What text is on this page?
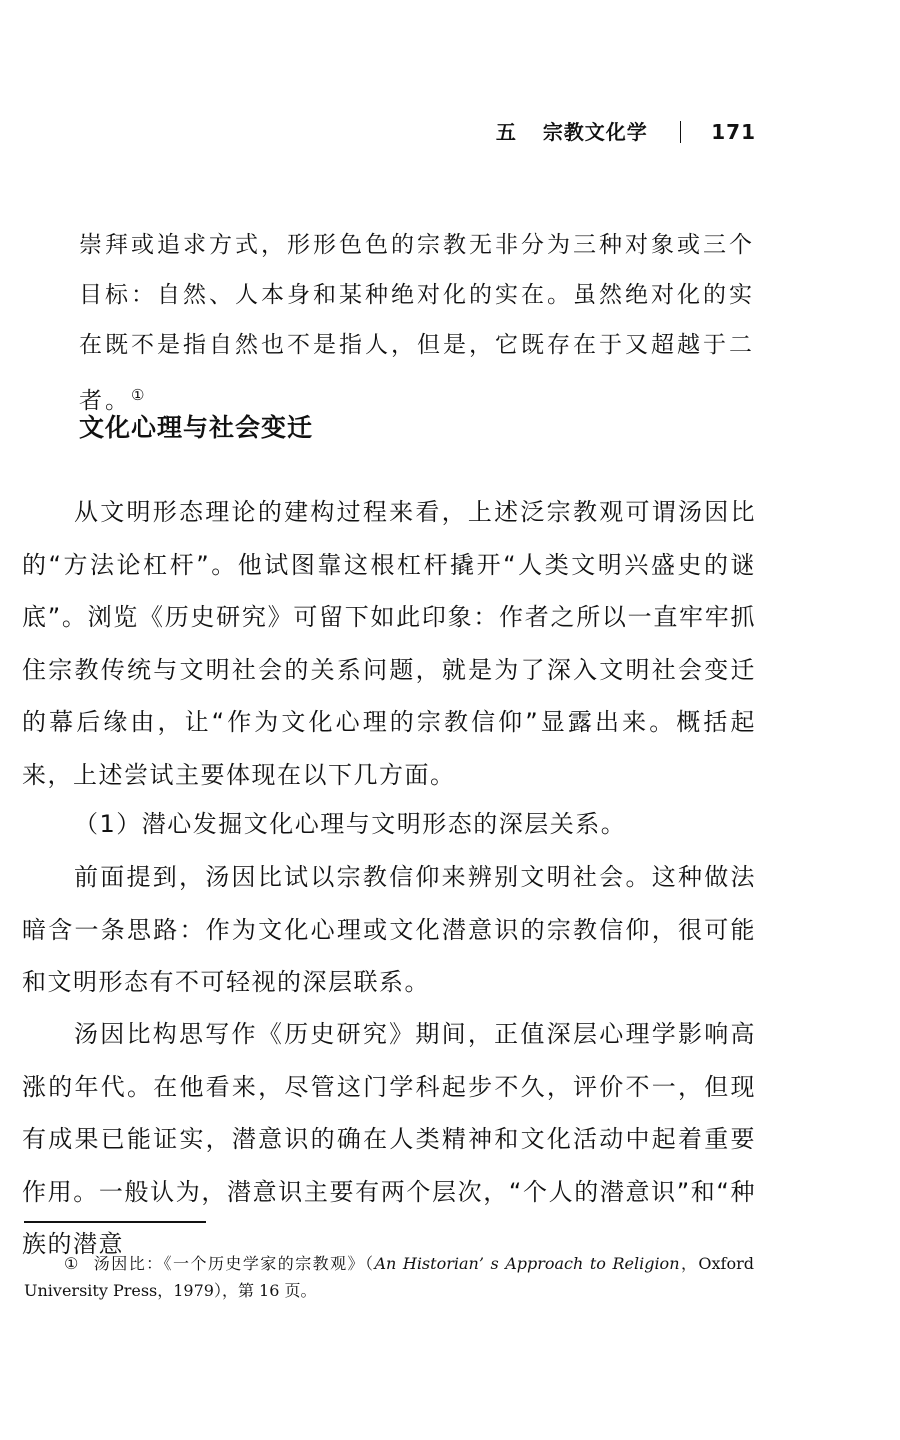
五 宗教文化学	171

崇拜或追求方式，形形色色的宗教无非分为三种对象或三个目标：自然、人本身和某种绝对化的实在。虽然绝对化的实在既不是指自然也不是指人，但是，它既存在于又超越于二者。①

文化心理与社会变迁

从文明形态理论的建构过程来看，上述泛宗教观可谓汤因比的“方法论杠杆”。他试图靠这根杠杆撬开“人类文明兴盛史的谜底”。浏览《历史研究》可留下如此印象：作者之所以一直牢牢抓住宗教传统与文明社会的关系问题，就是为了深入文明社会变迁的幕后缘由，让“作为文化心理的宗教信仰”显露出来。概括起来，上述尝试主要体现在以下几方面。

（1）潜心发掘文化心理与文明形态的深层关系。

前面提到，汤因比试以宗教信仰来辨别文明社会。这种做法暗含一条思路：作为文化心理或文化潜意识的宗教信仰，很可能和文明形态有不可轻视的深层联系。

汤因比构思写作《历史研究》期间，正值深层心理学影响高涨的年代。在他看来，尽管这门学科起步不久，评价不一，但现有成果已能证实，潜意识的确在人类精神和文化活动中起着重要作用。一般认为，潜意识主要有两个层次，“个人的潜意识”和“种族的潜意

① 汤因比：《一个历史学家的宗教观》（An Historian’ s Approach to Religion，Oxford University Press，1979），第 16 页。
